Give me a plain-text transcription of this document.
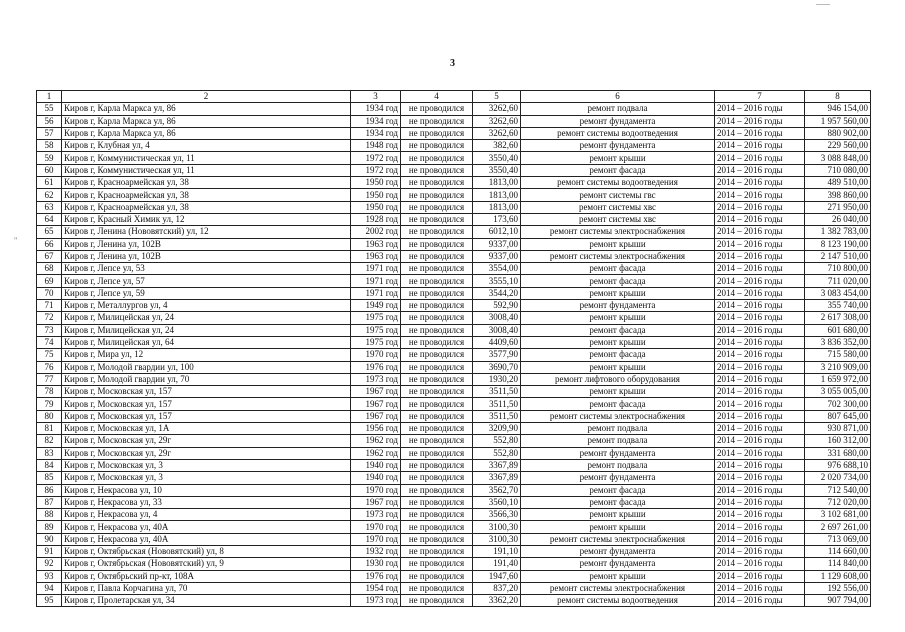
"
3
1	2	3	4	5	6	7	8
55	Киров г, Карла Маркса ул, 86	1934 год	не проводился	3262,60	ремонт подвала	2014 – 2016 годы	946 154,00
56	Киров г, Карла Маркса ул, 86	1934 год	не проводился	3262,60	ремонт фундамента	2014 – 2016 годы	1 957 560,00
57	Киров г, Карла Маркса ул, 86	1934 год	не проводился	3262,60	ремонт системы водоотведения	2014 – 2016 годы	880 902,00
58	Киров г, Клубная ул, 4	1948 год	не проводился	382,60	ремонт фундамента	2014 – 2016 годы	229 560,00
59	Киров г, Коммунистическая ул, 11	1972 год	не проводился	3550,40	ремонт крыши	2014 – 2016 годы	3 088 848,00
60	Киров г, Коммунистическая ул, 11	1972 год	не проводился	3550,40	ремонт фасада	2014 – 2016 годы	710 080,00
61	Киров г, Красноармейская ул, 38	1950 год	не проводился	1813,00	ремонт системы водоотведения	2014 – 2016 годы	489 510,00
62	Киров г, Красноармейская ул, 38	1950 год	не проводился	1813,00	ремонт системы гвс	2014 – 2016 годы	398 860,00
63	Киров г, Красноармейская ул, 38	1950 год	не проводился	1813,00	ремонт системы хвс	2014 – 2016 годы	271 950,00
64	Киров г, Красный Химик ул, 12	1928 год	не проводился	173,60	ремонт системы хвс	2014 – 2016 годы	26 040,00
65	Киров г, Ленина (Нововятский) ул, 12	2002 год	не проводился	6012,10	ремонт системы электроснабжения	2014 – 2016 годы	1 382 783,00
66	Киров г, Ленина ул, 102В	1963 год	не проводился	9337,00	ремонт крыши	2014 – 2016 годы	8 123 190,00
67	Киров г, Ленина ул, 102В	1963 год	не проводился	9337,00	ремонт системы электроснабжения	2014 – 2016 годы	2 147 510,00
68	Киров г, Лепсе ул, 53	1971 год	не проводился	3554,00	ремонт фасада	2014 – 2016 годы	710 800,00
69	Киров г, Лепсе ул, 57	1971 год	не проводился	3555,10	ремонт фасада	2014 – 2016 годы	711 020,00
70	Киров г, Лепсе ул, 59	1971 год	не проводился	3544,20	ремонт крыши	2014 – 2016 годы	3 083 454,00
71	Киров г, Металлургов ул, 4	1949 год	не проводился	592,90	ремонт фундамента	2014 – 2016 годы	355 740,00
72	Киров г, Милицейская ул, 24	1975 год	не проводился	3008,40	ремонт крыши	2014 – 2016 годы	2 617 308,00
73	Киров г, Милицейская ул, 24	1975 год	не проводился	3008,40	ремонт фасада	2014 – 2016 годы	601 680,00
74	Киров г, Милицейская ул, 64	1975 год	не проводился	4409,60	ремонт крыши	2014 – 2016 годы	3 836 352,00
75	Киров г, Мира ул, 12	1970 год	не проводился	3577,90	ремонт фасада	2014 – 2016 годы	715 580,00
76	Киров г, Молодой гвардии ул, 100	1976 год	не проводился	3690,70	ремонт крыши	2014 – 2016 годы	3 210 909,00
77	Киров г, Молодой гвардии ул, 70	1973 год	не проводился	1930,20	ремонт лифтового оборудования	2014 – 2016 годы	1 659 972,00
78	Киров г, Московская ул, 157	1967 год	не проводился	3511,50	ремонт крыши	2014 – 2016 годы	3 055 005,00
79	Киров г, Московская ул, 157	1967 год	не проводился	3511,50	ремонт фасада	2014 – 2016 годы	702 300,00
80	Киров г, Московская ул, 157	1967 год	не проводился	3511,50	ремонт системы электроснабжения	2014 – 2016 годы	807 645,00
81	Киров г, Московская ул, 1А	1956 год	не проводился	3209,90	ремонт подвала	2014 – 2016 годы	930 871,00
82	Киров г, Московская ул, 29г	1962 год	не проводился	552,80	ремонт подвала	2014 – 2016 годы	160 312,00
83	Киров г, Московская ул, 29г	1962 год	не проводился	552,80	ремонт фундамента	2014 – 2016 годы	331 680,00
84	Киров г, Московская ул, 3	1940 год	не проводился	3367,89	ремонт подвала	2014 – 2016 годы	976 688,10
85	Киров г, Московская ул, 3	1940 год	не проводился	3367,89	ремонт фундамента	2014 – 2016 годы	2 020 734,00
86	Киров г, Некрасова ул, 10	1970 год	не проводился	3562,70	ремонт фасада	2014 – 2016 годы	712 540,00
87	Киров г, Некрасова ул, 33	1967 год	не проводился	3560,10	ремонт фасада	2014 – 2016 годы	712 020,00
88	Киров г, Некрасова ул, 4	1973 год	не проводился	3566,30	ремонт крыши	2014 – 2016 годы	3 102 681,00
89	Киров г, Некрасова ул, 40А	1970 год	не проводился	3100,30	ремонт крыши	2014 – 2016 годы	2 697 261,00
90	Киров г, Некрасова ул, 40А	1970 год	не проводился	3100,30	ремонт системы электроснабжения	2014 – 2016 годы	713 069,00
91	Киров г, Октябрьская (Нововятский) ул, 8	1932 год	не проводился	191,10	ремонт фундамента	2014 – 2016 годы	114 660,00
92	Киров г, Октябрьская (Нововятский) ул, 9	1930 год	не проводился	191,40	ремонт фундамента	2014 – 2016 годы	114 840,00
93	Киров г, Октябрьский пр-кт, 108А	1976 год	не проводился	1947,60	ремонт крыши	2014 – 2016 годы	1 129 608,00
94	Киров г, Павла Корчагина ул, 70	1954 год	не проводился	837,20	ремонт системы электроснабжения	2014 – 2016 годы	192 556,00
95	Киров г, Пролетарская ул, 34	1973 год	не проводился	3362,20	ремонт системы водоотведения	2014 – 2016 годы	907 794,00
